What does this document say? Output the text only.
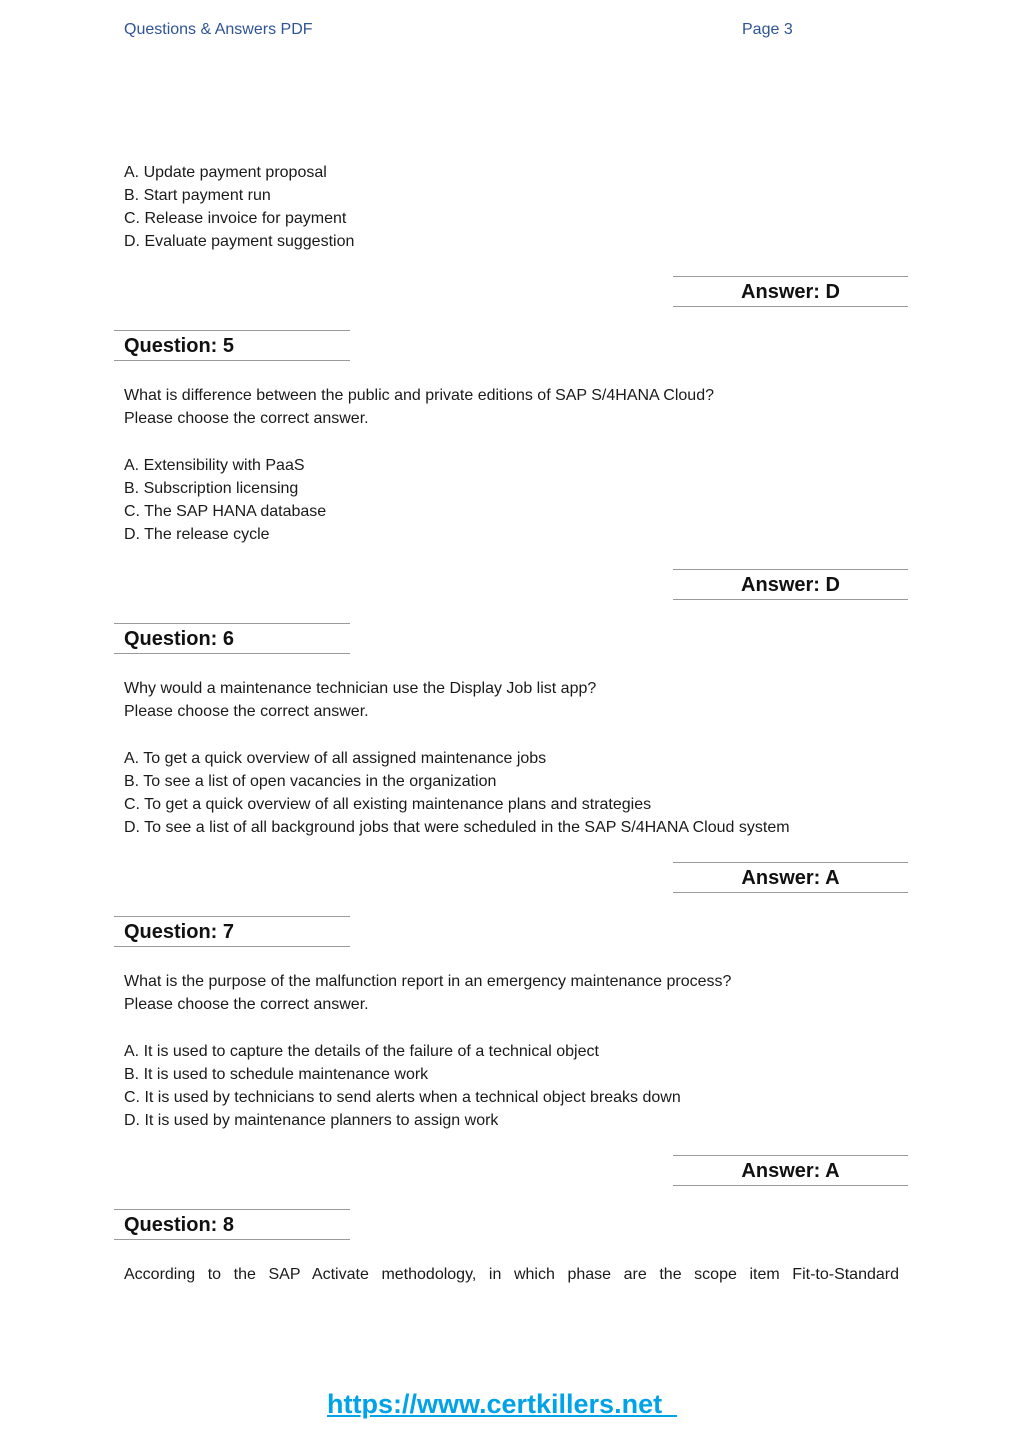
Questions & Answers PDF	Page 3
A. Update payment proposal
B. Start payment run
C. Release invoice for payment
D. Evaluate payment suggestion
Answer: D
Question: 5
What is difference between the public and private editions of SAP S/4HANA Cloud?
Please choose the correct answer.
A. Extensibility with PaaS
B. Subscription licensing
C. The SAP HANA database
D. The release cycle
Answer: D
Question: 6
Why would a maintenance technician use the Display Job list app?
Please choose the correct answer.
A. To get a quick overview of all assigned maintenance jobs
B. To see a list of open vacancies in the organization
C. To get a quick overview of all existing maintenance plans and strategies
D. To see a list of all background jobs that were scheduled in the SAP S/4HANA Cloud system
Answer: A
Question: 7
What is the purpose of the malfunction report in an emergency maintenance process?
Please choose the correct answer.
A. It is used to capture the details of the failure of a technical object
B. It is used to schedule maintenance work
C. It is used by technicians to send alerts when a technical object breaks down
D. It is used by maintenance planners to assign work
Answer: A
Question: 8
According to the SAP Activate methodology, in which phase are the scope item Fit-to-Standard
https://www.certkillers.net
